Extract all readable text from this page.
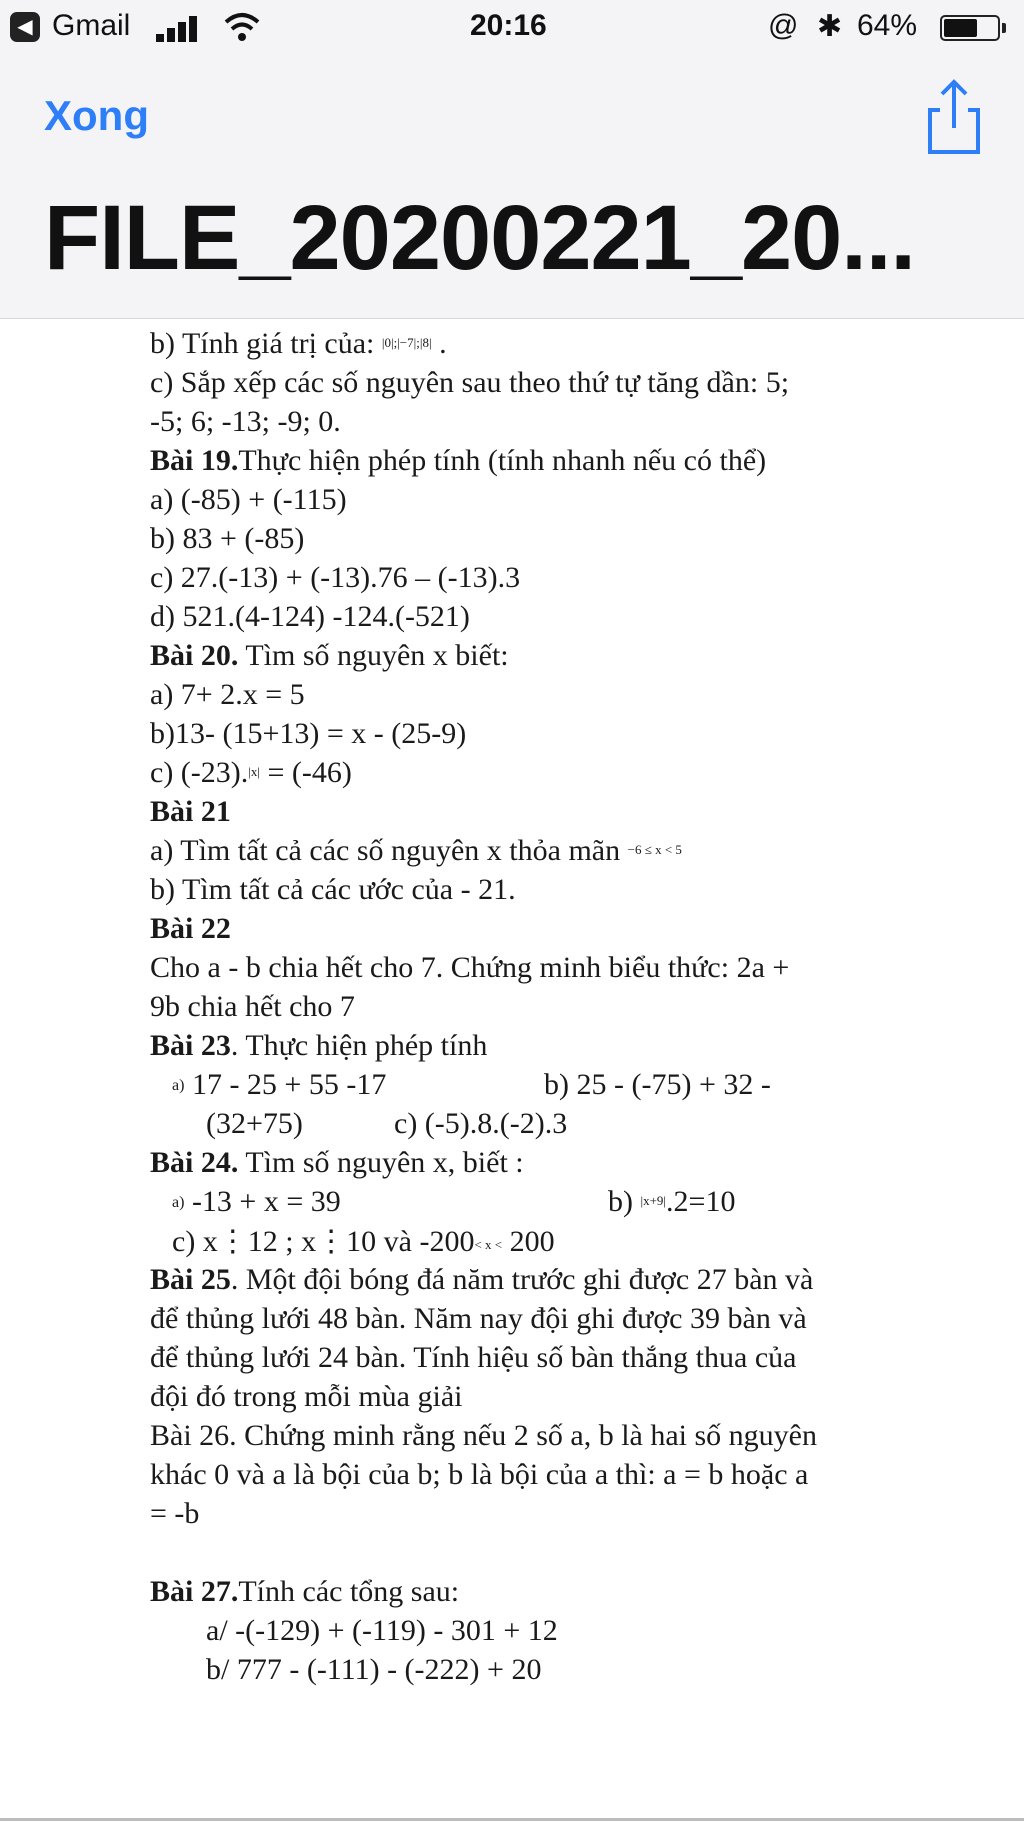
◀ Gmail	20:16	@ ✱ 64%
Xong
FILE_20200221_20...
b) Tính giá trị của: $^{|0|;|-7|;|8|}$ .
c) Sắp xếp các số nguyên sau theo thứ tự tăng dần: 5;
-5; 6; -13; -9; 0.
Bài 19.Thực hiện phép tính (tính nhanh nếu có thể)
a) (-85) + (-115)
b) 83 + (-85)
c) 27.(-13) + (-13).76 – (-13).3
d) 521.(4-124) -124.(-521)
Bài 20. Tìm số nguyên x biết:
a) 7+ 2.x = 5
b)13- (15+13) = x - (25-9)
c) (-23).$^{|x|}$ = (-46)
Bài 21
a) Tìm tất cả các số nguyên x thỏa mãn $^{-6 \le x < 5}$
b) Tìm tất cả các ước của - 21.
Bài 22
Cho a - b chia hết cho 7. Chứng minh biểu thức: 2a +
9b chia hết cho 7
Bài 23. Thực hiện phép tính
a) 17 - 25 + 55 -17	b) 25 - (-75) + 32 -
(32+75)	c) (-5).8.(-2).3
Bài 24. Tìm số nguyên x, biết :
a) -13 + x = 39	b) $^{|x+9|}$.2=10
c) x⋮12 ; x⋮10 và -200< x < 200
Bài 25. Một đội bóng đá năm trước ghi được 27 bàn và
để thủng lưới 48 bàn. Năm nay đội ghi được 39 bàn và
để thủng lưới 24 bàn. Tính hiệu số bàn thắng thua của
đội đó trong mỗi mùa giải
Bài 26. Chứng minh rằng nếu 2 số a, b là hai số nguyên
khác 0 và a là bội của b; b là bội của a thì: a = b hoặc a
= -b
Bài 27.Tính các tổng sau:
a/ -(-129) + (-119) - 301 + 12
b/ 777 - (-111) - (-222) + 20
